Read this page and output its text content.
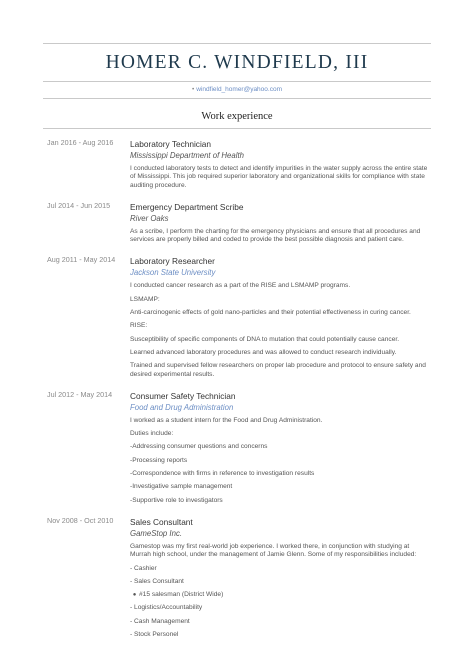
HOMER C. WINDFIELD, III
• windfield_homer@yahoo.com
Work experience
Jan 2016 - Aug 2016	Laboratory Technician
Mississippi Department of Health
I conducted laboratory tests to detect and identify impurities in the water supply across the entire state of Mississippi. This job required superior laboratory and organizational skills for compliance with state auditing procedure.
Jul 2014 - Jun 2015	Emergency Department Scribe
River Oaks
As a scribe, I perform the charting for the emergency physicians and ensure that all procedures and services are properly billed and coded to provide the best possible diagnosis and patient care.
Aug 2011 - May 2014	Laboratory Researcher
Jackson State University
I conducted cancer research as a part of the RISE and LSMAMP programs.
LSMAMP:
Anti-carcinogenic effects of gold nano-particles and their potential effectiveness in curing cancer.
RISE:
Susceptibility of specific components of DNA to mutation that could potentially cause cancer.
Learned advanced laboratory procedures and was allowed to conduct research individually.
Trained and supervised fellow researchers on proper lab procedure and protocol to ensure safety and desired experimental results.
Jul 2012 - May 2014	Consumer Safety Technician
Food and Drug Administration
I worked as a student intern for the Food and Drug Administration.
Duties include:
-Addressing consumer questions and concerns
-Processing reports
-Correspondence with firms in reference to investigation results
-Investigative sample management
-Supportive role to investigators
Nov 2008 - Oct 2010	Sales Consultant
GameStop Inc.
Gamestop was my first real-world job experience. I worked there, in conjunction with studying at Murrah high school, under the management of Jamie Glenn. Some of my responsibilities included:
- Cashier
- Sales Consultant
● #15 salesman (District Wide)
- Logistics/Accountability
- Cash Management
- Stock Personel
